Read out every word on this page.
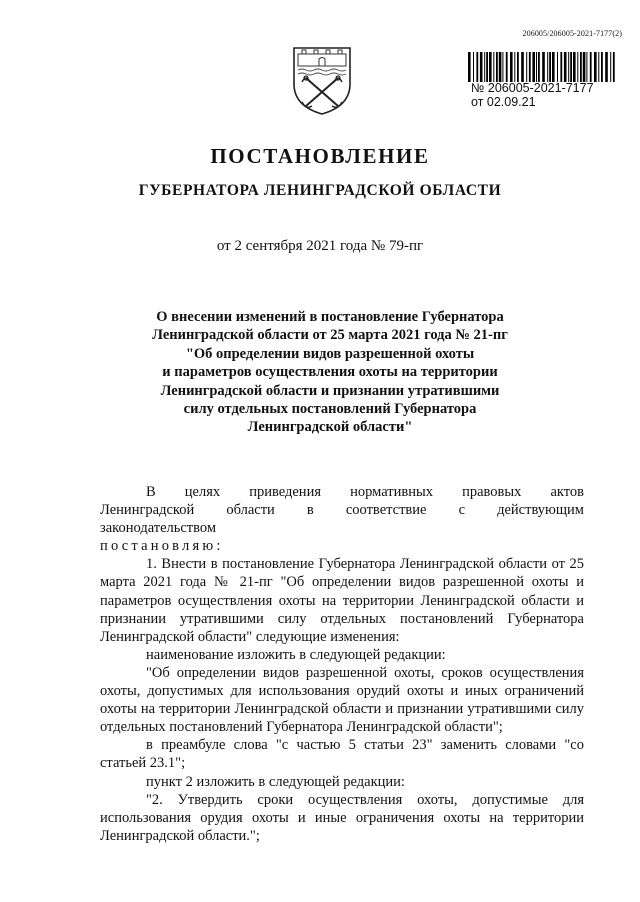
206005/206005-2021-7177(2)
№ 206005-2021-7177
от 02.09.21
ПОСТАНОВЛЕНИЕ
ГУБЕРНАТОРА ЛЕНИНГРАДСКОЙ ОБЛАСТИ
от 2 сентября 2021 года № 79-пг
О внесении изменений в постановление Губернатора
Ленинградской области от 25 марта 2021 года № 21-пг
"Об определении видов разрешенной охоты
и параметров осуществления охоты на территории
Ленинградской области и признании утратившими
силу отдельных постановлений Губернатора
Ленинградской области"

В целях приведения нормативных правовых актов Ленинградской области в соответствие с действующим законодательством

постановляю:

1. Внести в постановление Губернатора Ленинградской области от 25 марта 2021 года № 21-пг "Об определении видов разрешенной охоты и параметров осуществления охоты на территории Ленинградской области и признании утратившими силу отдельных постановлений Губернатора Ленинградской области" следующие изменения:

наименование изложить в следующей редакции:

"Об определении видов разрешенной охоты, сроков осуществления охоты, допустимых для использования орудий охоты и иных ограничений охоты на территории Ленинградской области и признании утратившими силу отдельных постановлений Губернатора Ленинградской области";

в преамбуле слова "с частью 5 статьи 23" заменить словами "со статьей 23.1";

пункт 2 изложить в следующей редакции:

"2. Утвердить сроки осуществления охоты, допустимые для использования орудия охоты и иные ограничения охоты на территории Ленинградской области.";
